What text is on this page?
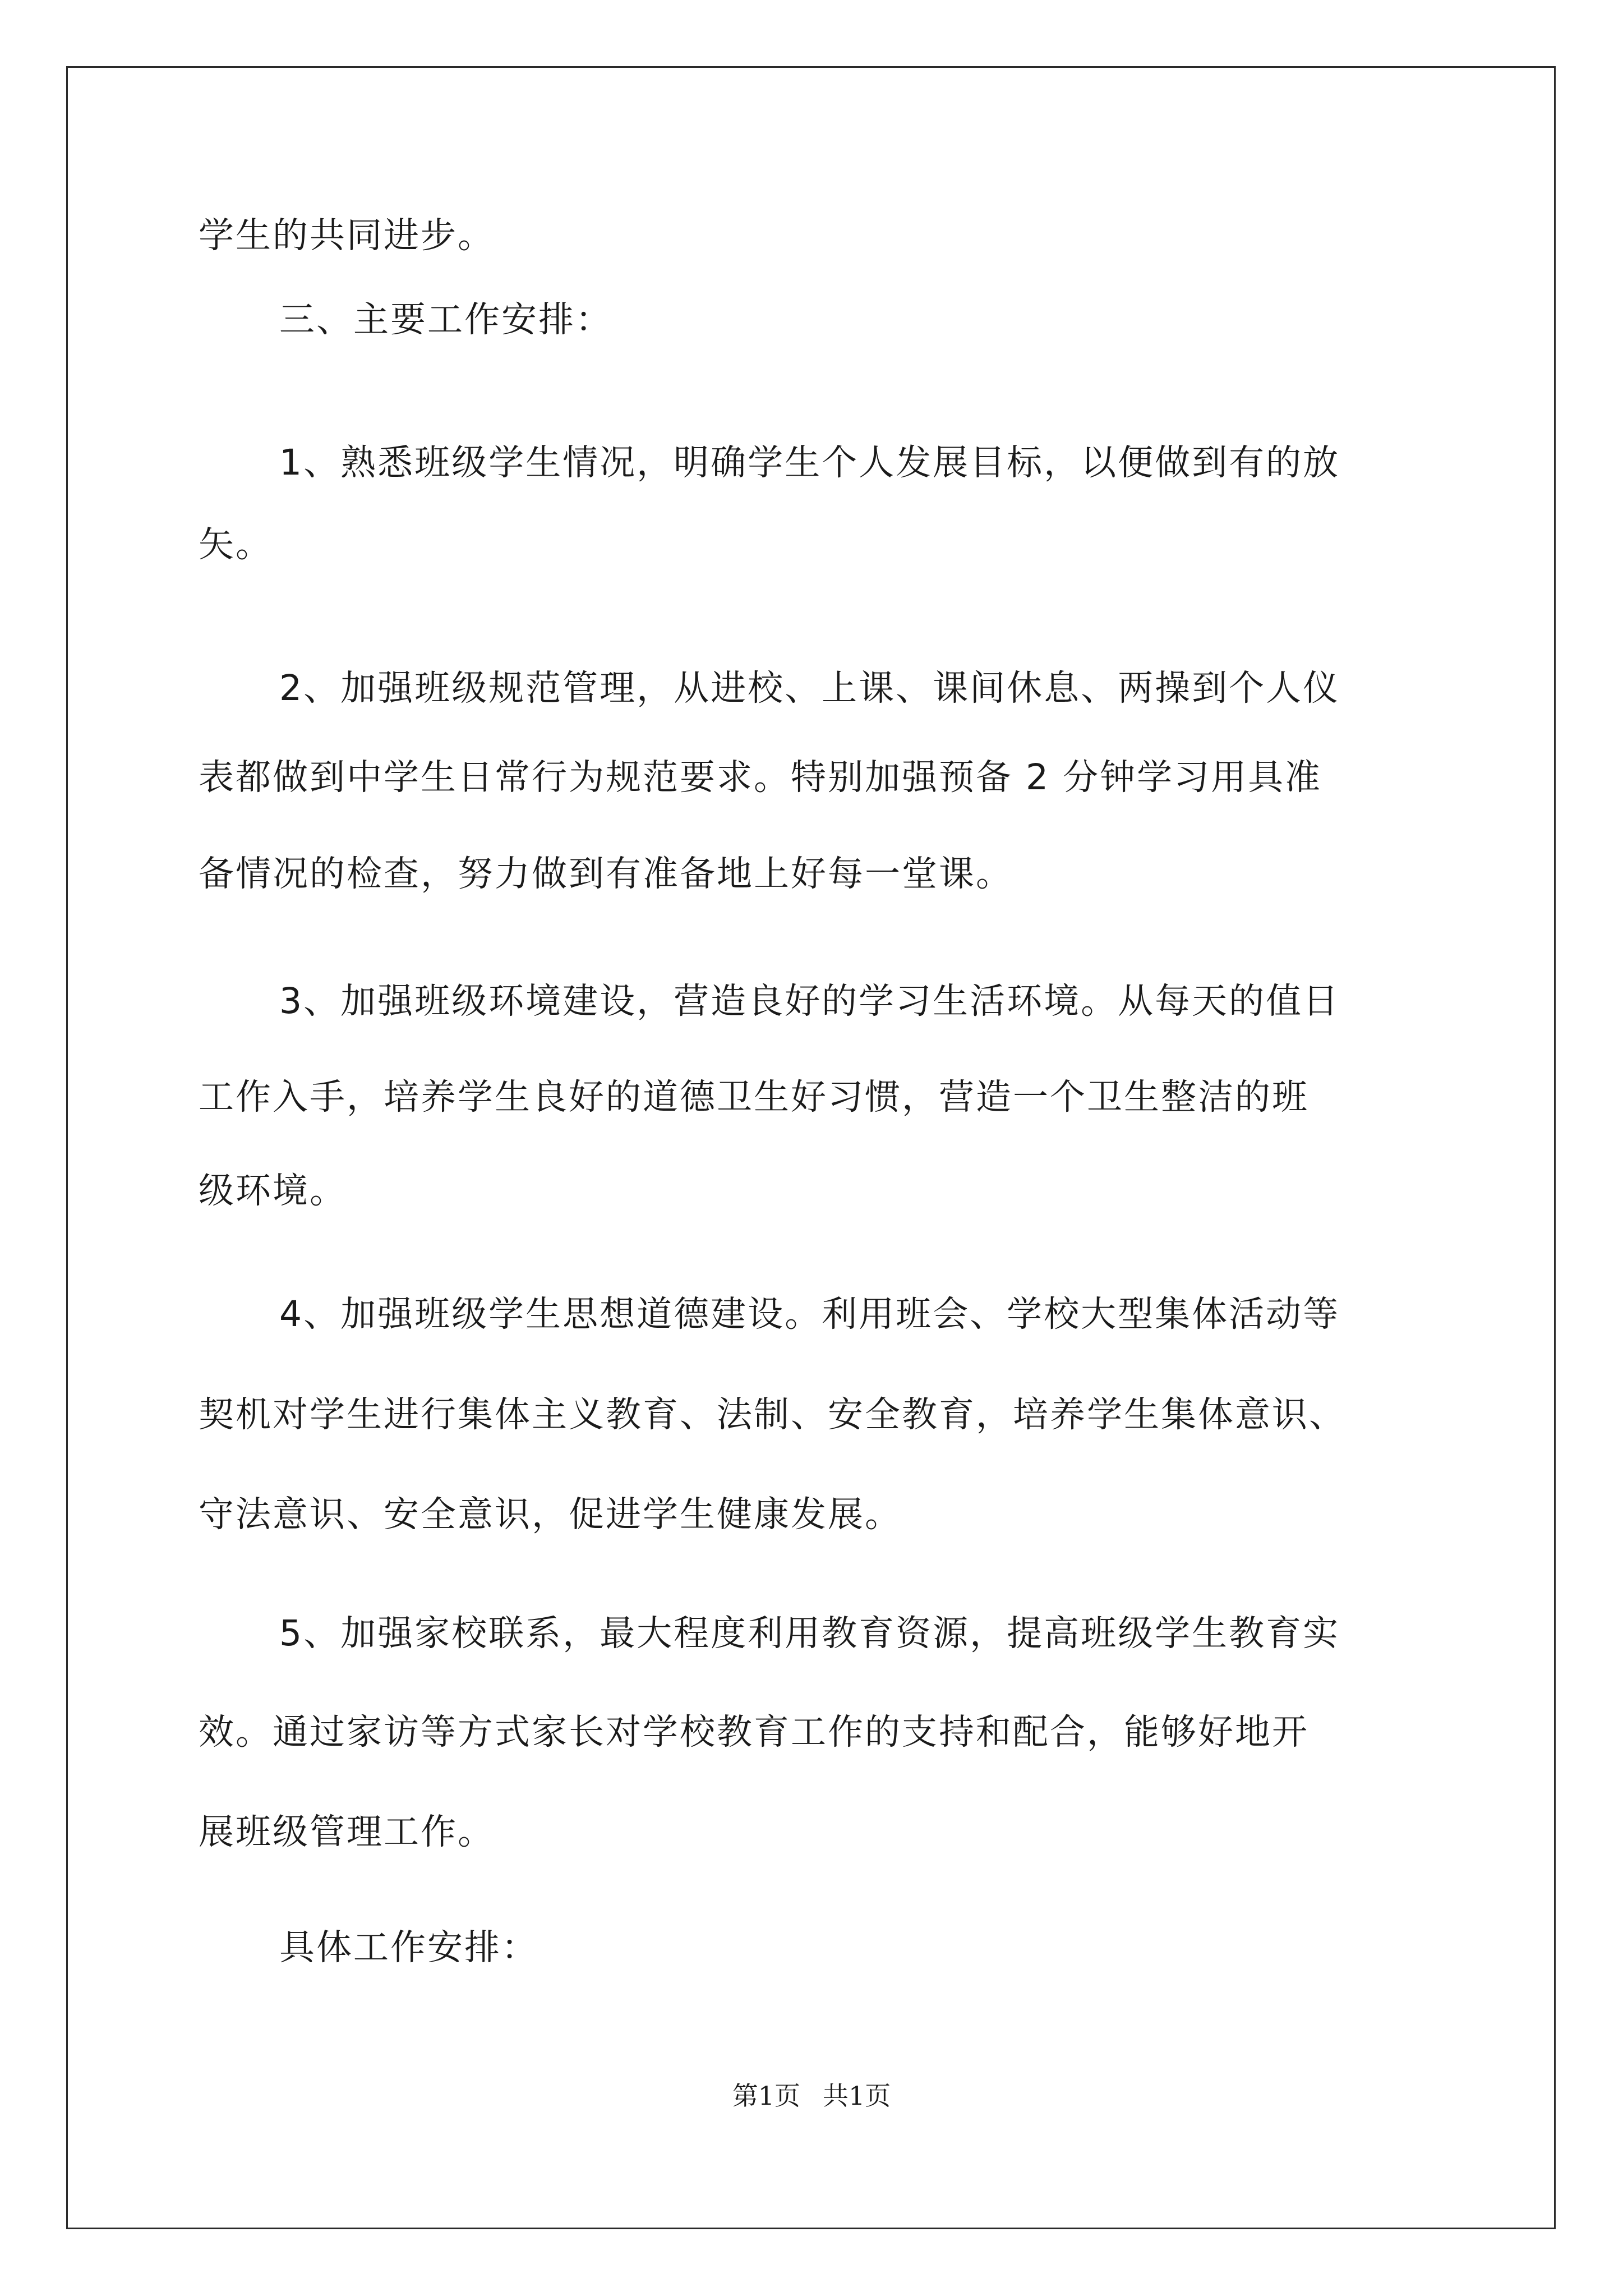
学生的共同进步。
三、主要工作安排：
1、熟悉班级学生情况，明确学生个人发展目标，以便做到有的放
矢。
2、加强班级规范管理，从进校、上课、课间休息、两操到个人仪
表都做到中学生日常行为规范要求。特别加强预备 2 分钟学习用具准
备情况的检查，努力做到有准备地上好每一堂课。
3、加强班级环境建设，营造良好的学习生活环境。从每天的值日
工作入手，培养学生良好的道德卫生好习惯，营造一个卫生整洁的班
级环境。
4、加强班级学生思想道德建设。利用班会、学校大型集体活动等
契机对学生进行集体主义教育、法制、安全教育，培养学生集体意识、
守法意识、安全意识，促进学生健康发展。
5、加强家校联系，最大程度利用教育资源，提高班级学生教育实
效。通过家访等方式家长对学校教育工作的支持和配合，能够好地开
展班级管理工作。
具体工作安排：
第1页 共1页
